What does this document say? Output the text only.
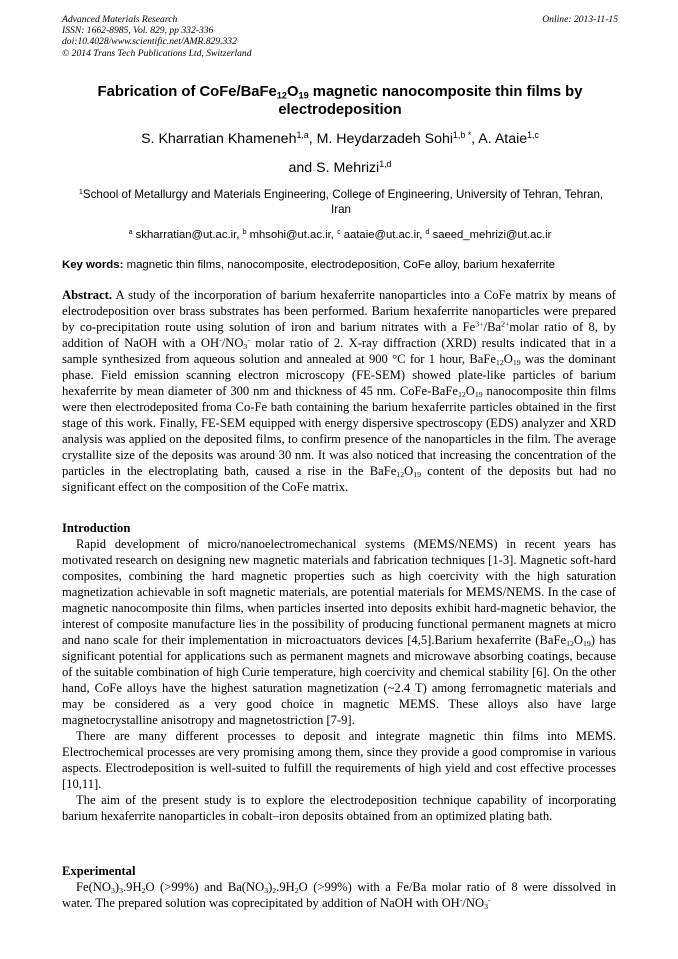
Advanced Materials Research
ISSN: 1662-8985, Vol. 829, pp 332-336
doi:10.4028/www.scientific.net/AMR.829.332
© 2014 Trans Tech Publications Ltd, Switzerland
Online: 2013-11-15
Fabrication of CoFe/$BaFe_{12}O_{19}$ magnetic nanocomposite thin films by electrodeposition
S. Kharratian Khameneh$^{1,a}$, M. Heydarzadeh Sohi$^{1,b *}$, A. Ataie$^{1,c}$
and S. Mehrizi$^{1,d}$
$^1$School of Metallurgy and Materials Engineering, College of Engineering, University of Tehran, Tehran, Iran
$^a$ skharratian@ut.ac.ir, $^b$ mhsohi@ut.ac.ir, $^c$ aataie@ut.ac.ir, $^d$ saeed_mehrizi@ut.ac.ir
Key words: magnetic thin films, nanocomposite, electrodeposition, CoFe alloy, barium hexaferrite
Abstract. A study of the incorporation of barium hexaferrite nanoparticles into a CoFe matrix by means of electrodeposition over brass substrates has been performed. Barium hexaferrite nanoparticles were prepared by co-precipitation route using solution of iron and barium nitrates with a $Fe^{3+}/Ba^{2+}molar$ ratio of 8, by addition of NaOH with a $OH^-/NO_3^-$ molar ratio of 2. X-ray diffraction (XRD) results indicated that in a sample synthesized from aqueous solution and annealed at 900 °C for 1 hour, $BaFe_{12}O_{19}$ was the dominant phase. Field emission scanning electron microscopy (FE-SEM) showed plate-like particles of barium hexaferrite by mean diameter of 300 nm and thickness of 45 nm. CoFe-$BaFe_{12}O_{19}$ nanocomposite thin films were then electrodeposited froma Co-Fe bath containing the barium hexaferrite particles obtained in the first stage of this work. Finally, FE-SEM equipped with energy dispersive spectroscopy (EDS) analyzer and XRD analysis was applied on the deposited films, to confirm presence of the nanoparticles in the film. The average crystallite size of the deposits was around 30 nm. It was also noticed that increasing the concentration of the particles in the electroplating bath, caused a rise in the $BaFe_{12}O_{19}$ content of the deposits but had no significant effect on the composition of the CoFe matrix.
Introduction

Rapid development of micro/nanoelectromechanical systems (MEMS/NEMS) in recent years has motivated research on designing new magnetic materials and fabrication techniques [1-3]. Magnetic soft-hard composites, combining the hard magnetic properties such as high coercivity with the high saturation magnetization achievable in soft magnetic materials, are potential materials for MEMS/NEMS. In the case of magnetic nanocomposite thin films, when particles inserted into deposits exhibit hard-magnetic behavior, the interest of composite manufacture lies in the possibility of producing functional permanent magnets at micro and nano scale for their implementation in microactuators devices [4,5].Barium hexaferrite $(BaFe_{12}O_{19})$ has significant potential for applications such as permanent magnets and microwave absorbing coatings, because of the suitable combination of high Curie temperature, high coercivity and chemical stability [6]. On the other hand, CoFe alloys have the highest saturation magnetization (~2.4 T) among ferromagnetic materials and may be considered as a very good choice in magnetic MEMS. These alloys also have large magnetocrystalline anisotropy and magnetostriction [7-9].

There are many different processes to deposit and integrate magnetic thin films into MEMS. Electrochemical processes are very promising among them, since they provide a good compromise in various aspects. Electrodeposition is well-suited to fulfill the requirements of high yield and cost effective processes [10,11].

The aim of the present study is to explore the electrodeposition technique capability of incorporating barium hexaferrite nanoparticles in cobalt–iron deposits obtained from an optimized plating bath.

Experimental

$Fe(NO_3)_3.9H_2O$ (>99%) and $Ba(NO_3)_2.9H_2O$ (>99%) with a Fe/Ba molar ratio of 8 were dissolved in water. The prepared solution was coprecipitated by addition of NaOH with $OH^-/NO_3^-$
